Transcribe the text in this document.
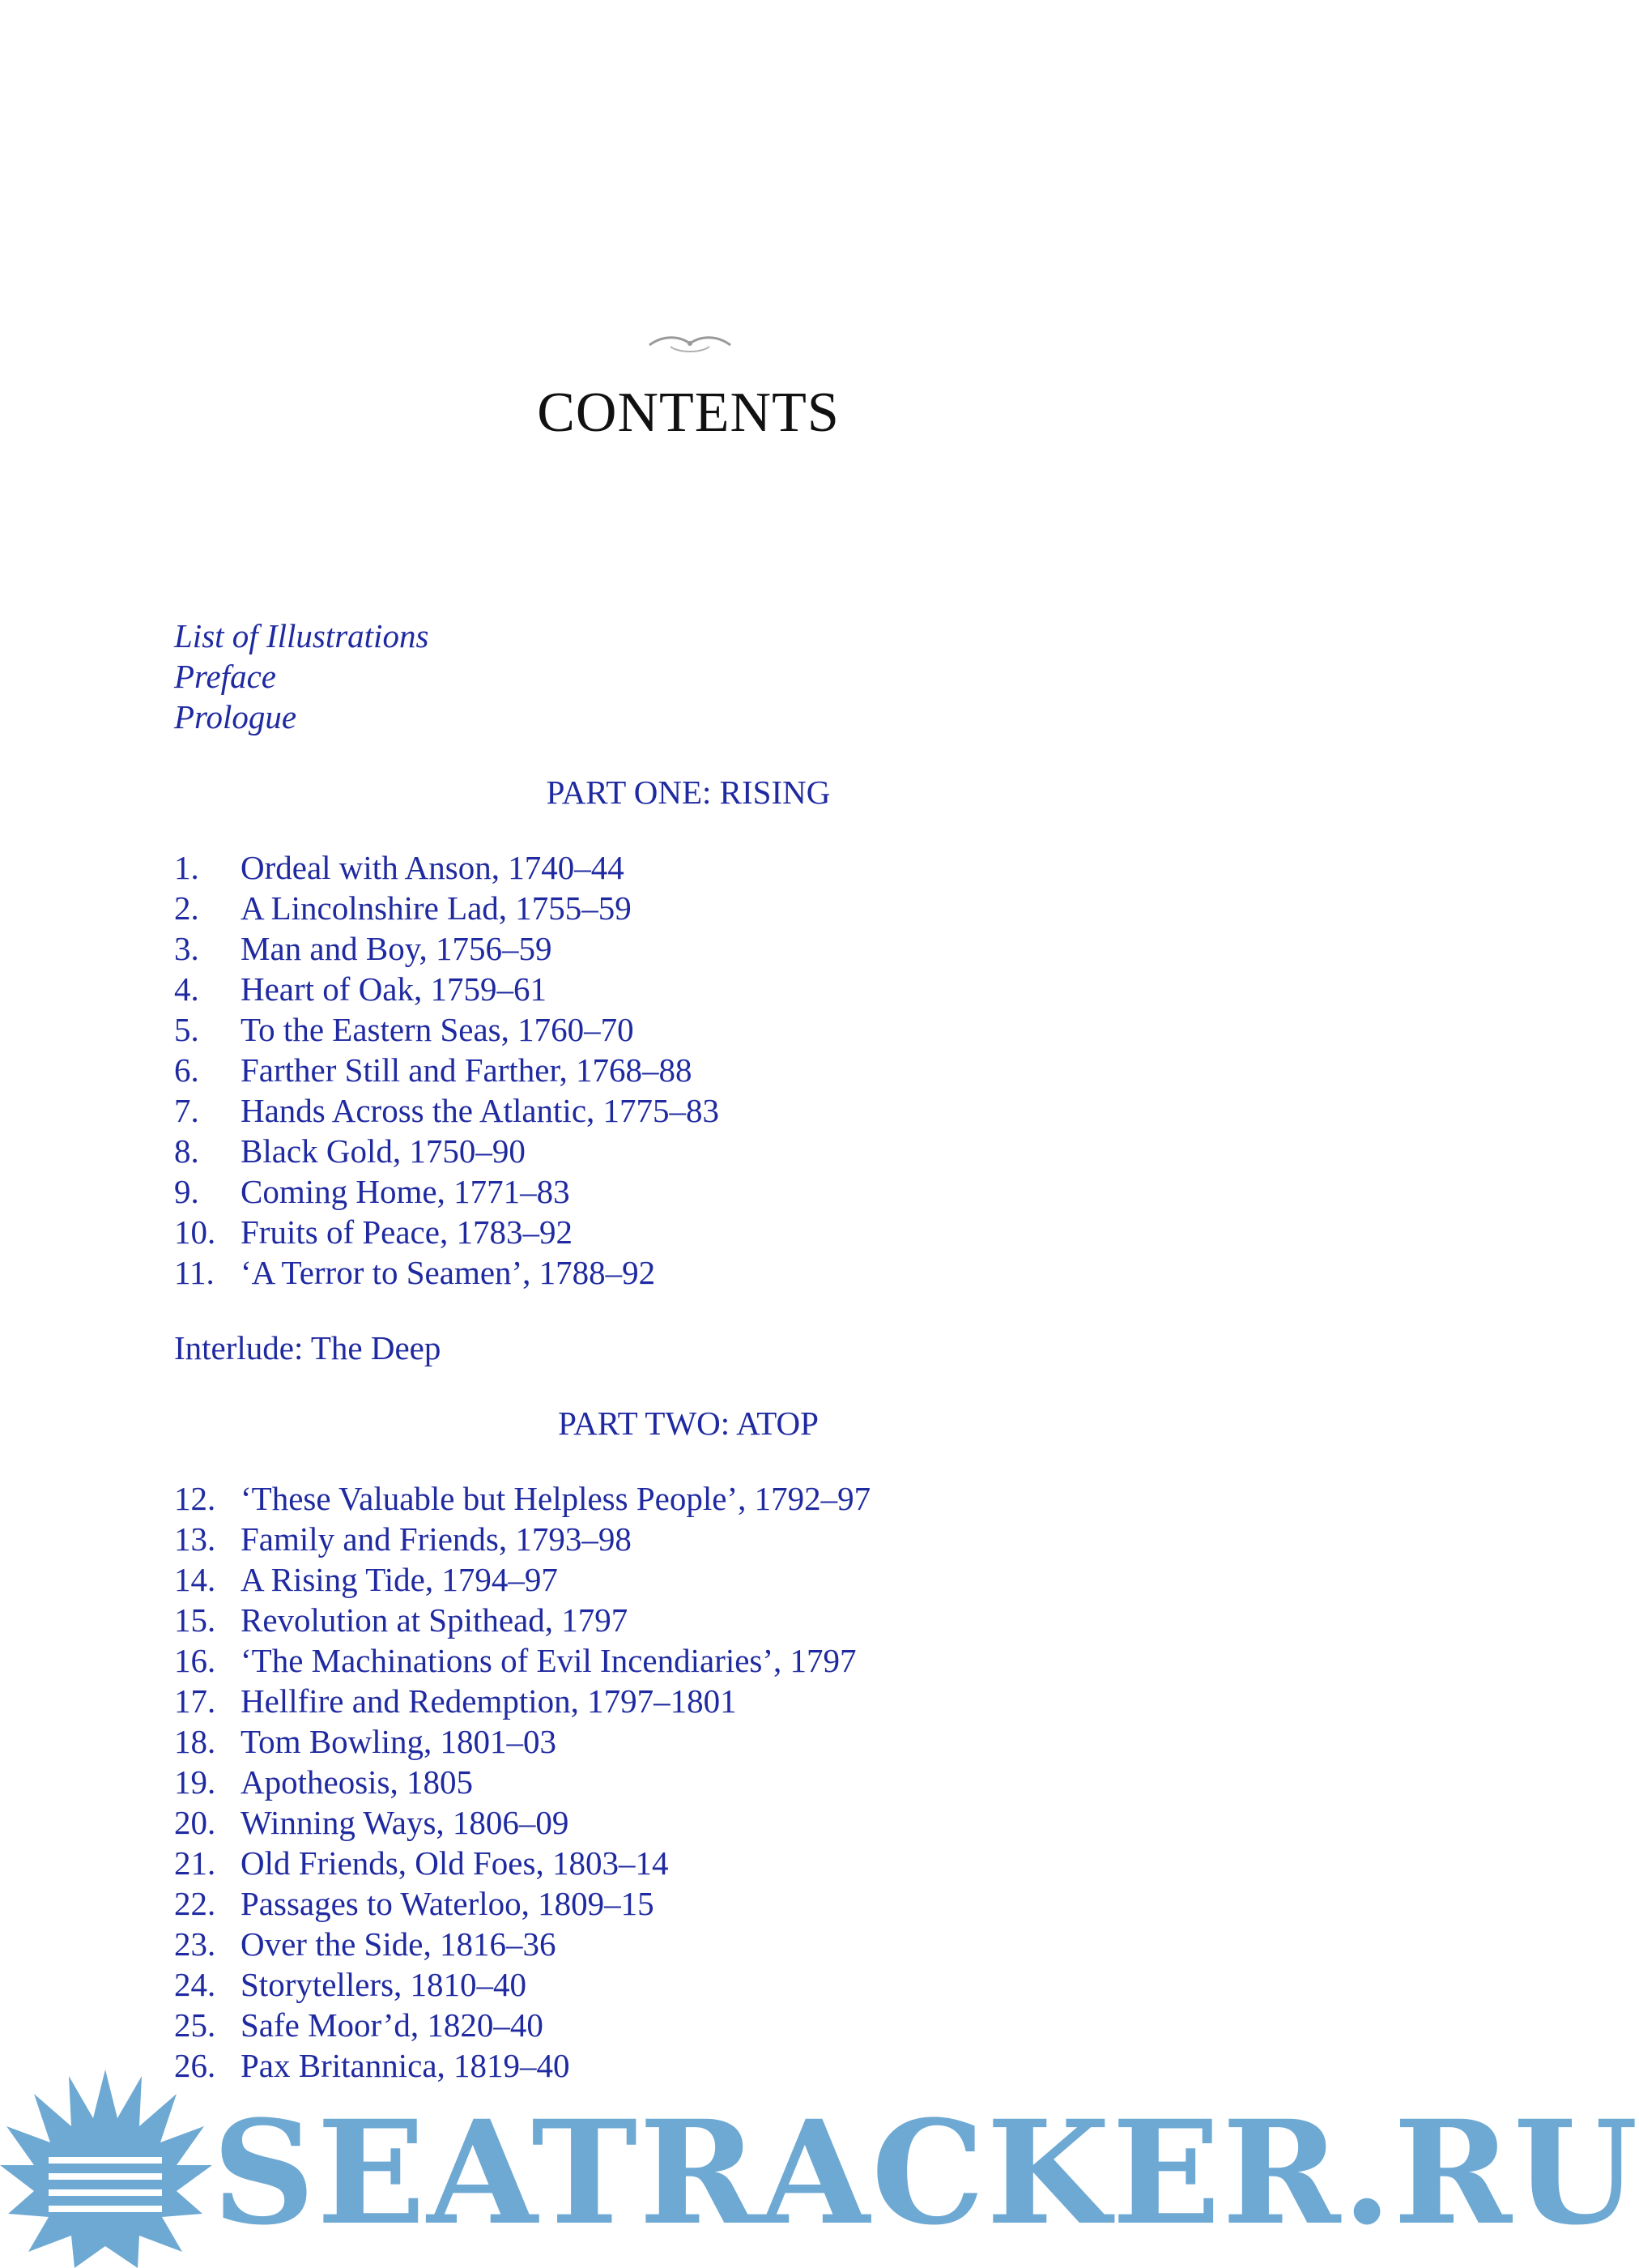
CONTENTS
List of Illustrations
Preface
Prologue
PART ONE: RISING
1.	Ordeal with Anson, 1740–44
2.	A Lincolnshire Lad, 1755–59
3.	Man and Boy, 1756–59
4.	Heart of Oak, 1759–61
5.	To the Eastern Seas, 1760–70
6.	Farther Still and Farther, 1768–88
7.	Hands Across the Atlantic, 1775–83
8.	Black Gold, 1750–90
9.	Coming Home, 1771–83
10. Fruits of Peace, 1783–92
11. ‘A Terror to Seamen’, 1788–92
Interlude: The Deep
PART TWO: ATOP
12. ‘These Valuable but Helpless People’, 1792–97
13. Family and Friends, 1793–98
14. A Rising Tide, 1794–97
15. Revolution at Spithead, 1797
16. ‘The Machinations of Evil Incendiaries’, 1797
17. Hellfire and Redemption, 1797–1801
18. Tom Bowling, 1801–03
19. Apotheosis, 1805
20. Winning Ways, 1806–09
21. Old Friends, Old Foes, 1803–14
22. Passages to Waterloo, 1809–15
23. Over the Side, 1816–36
24. Storytellers, 1810–40
25. Safe Moor’d, 1820–40
26. Pax Britannica, 1819–40
SEATRACKER.RU
